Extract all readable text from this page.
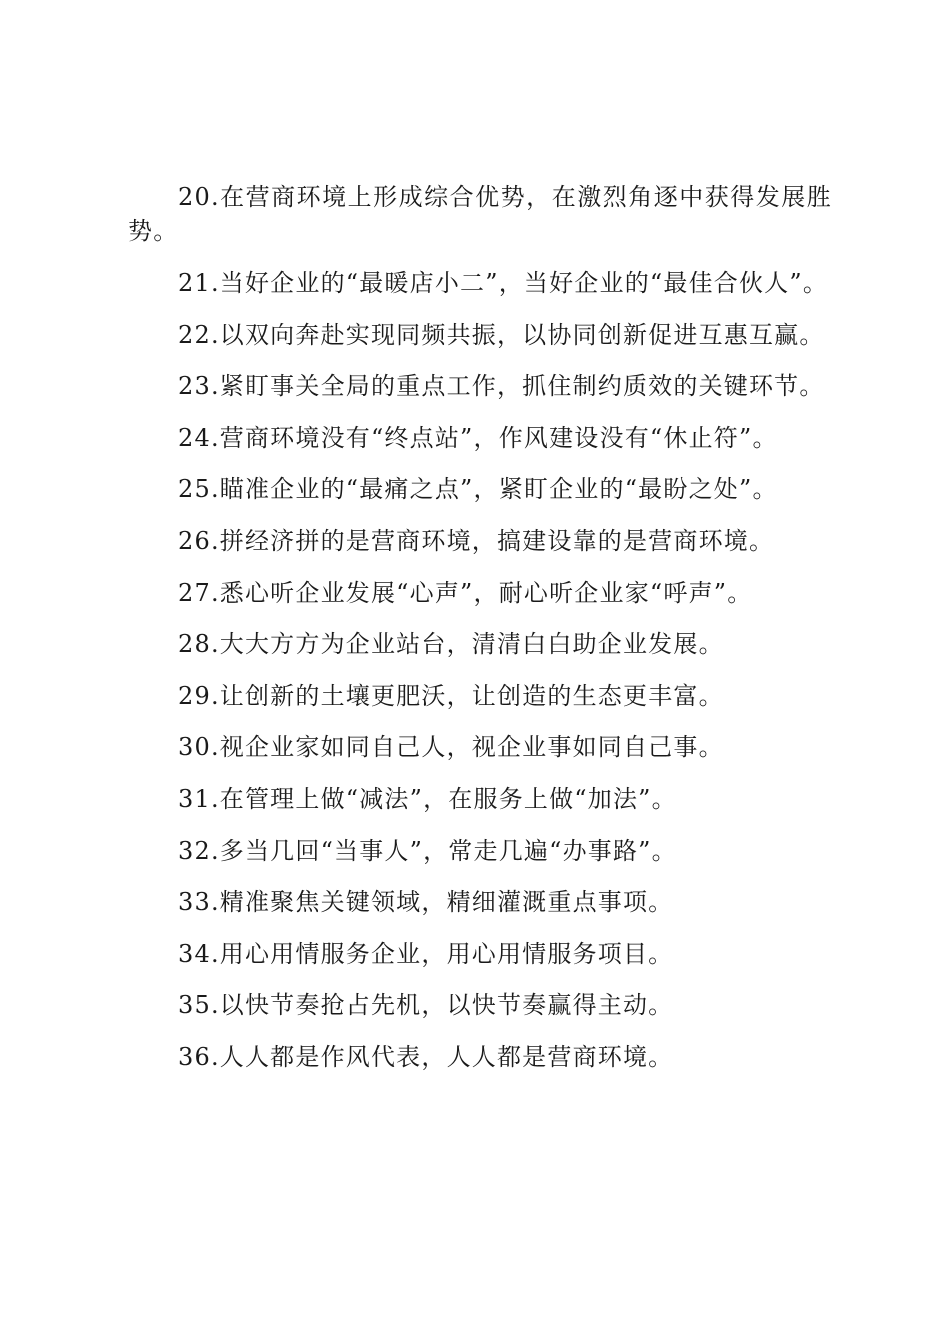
20.在营商环境上形成综合优势，在激烈角逐中获得发展胜势。

21.当好企业的“最暖店小二”，当好企业的“最佳合伙人”。

22.以双向奔赴实现同频共振，以协同创新促进互惠互赢。

23.紧盯事关全局的重点工作，抓住制约质效的关键环节。

24.营商环境没有“终点站”，作风建设没有“休止符”。

25.瞄准企业的“最痛之点”，紧盯企业的“最盼之处”。

26.拼经济拼的是营商环境，搞建设靠的是营商环境。

27.悉心听企业发展“心声”，耐心听企业家“呼声”。

28.大大方方为企业站台，清清白白助企业发展。

29.让创新的土壤更肥沃，让创造的生态更丰富。

30.视企业家如同自己人，视企业事如同自己事。

31.在管理上做“减法”，在服务上做“加法”。

32.多当几回“当事人”，常走几遍“办事路”。

33.精准聚焦关键领域，精细灌溉重点事项。

34.用心用情服务企业，用心用情服务项目。

35.以快节奏抢占先机，以快节奏赢得主动。

36.人人都是作风代表，人人都是营商环境。
